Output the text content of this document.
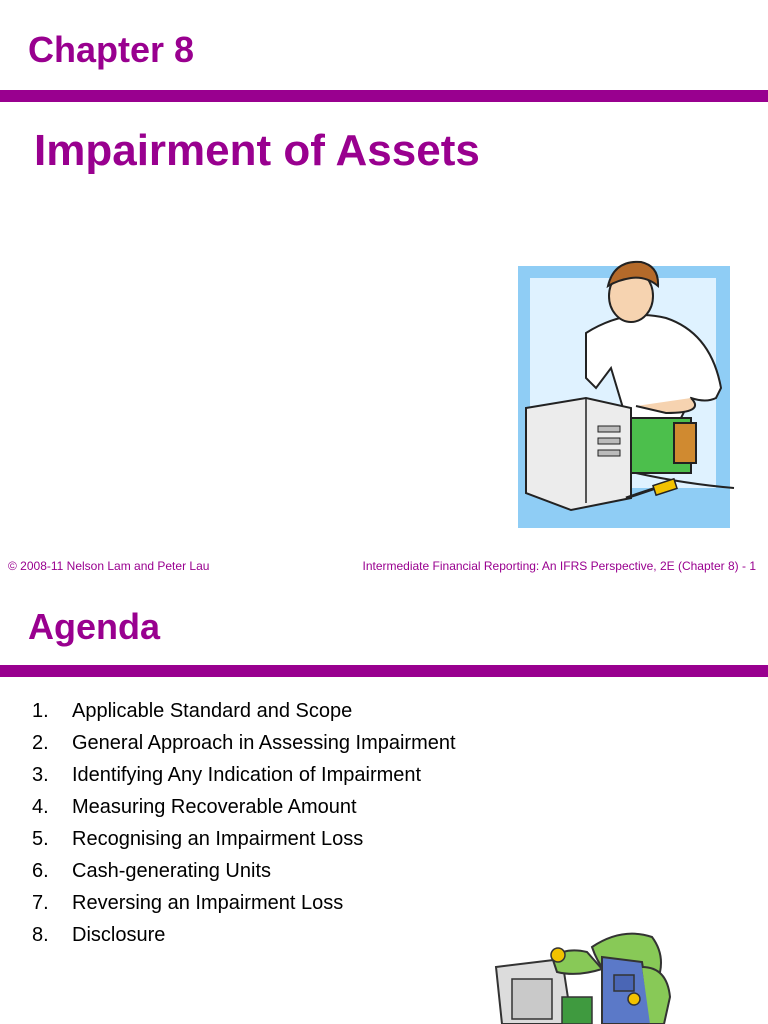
Chapter 8
Impairment of Assets
© 2008-11 Nelson Lam and Peter Lau	Intermediate Financial Reporting: An IFRS Perspective, 2E (Chapter 8) - 1
Agenda
1.	Applicable Standard and Scope
2.	General Approach in Assessing Impairment
3.	Identifying Any Indication of Impairment
4.	Measuring Recoverable Amount
5.	Recognising an Impairment Loss
6.	Cash-generating Units
7.	Reversing an Impairment Loss
8.	Disclosure
